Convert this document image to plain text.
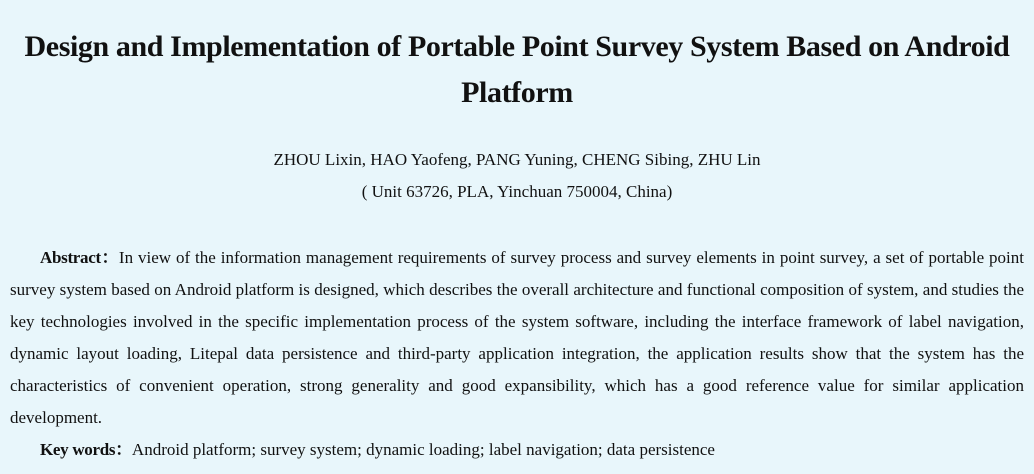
Design and Implementation of Portable Point Survey System Based on Android Platform
ZHOU Lixin, HAO Yaofeng, PANG Yuning, CHENG Sibing, ZHU Lin
( Unit 63726, PLA, Yinchuan 750004, China)

Abstract：In view of the information management requirements of survey process and survey elements in point survey, a set of portable point survey system based on Android platform is designed, which describes the overall architecture and functional composition of system, and studies the key technologies involved in the specific implementation process of the system software, including the interface framework of label navigation, dynamic layout loading, Litepal data persistence and third-party application integration, the application results show that the system has the characteristics of convenient operation, strong generality and good expansibility, which has a good reference value for similar application development.

Key words：Android platform; survey system; dynamic loading; label navigation; data persistence
